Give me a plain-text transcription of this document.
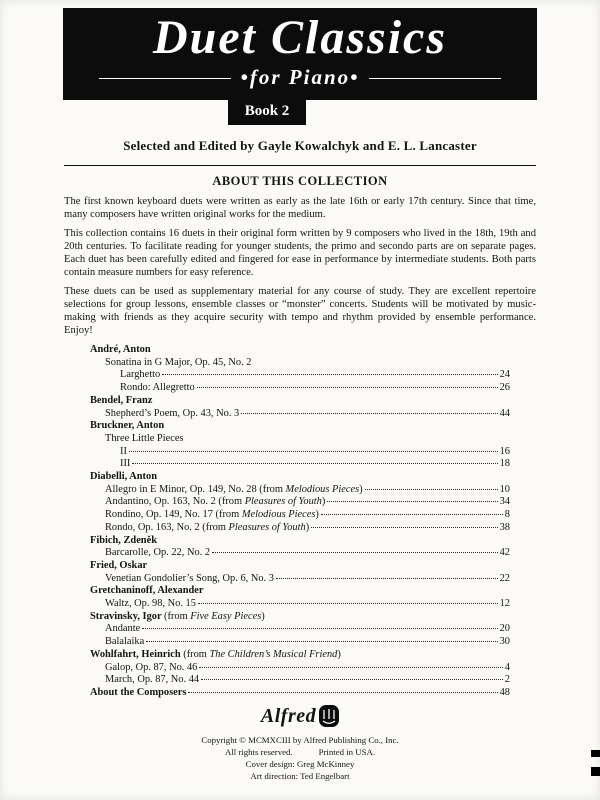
Duet Classics
•for Piano•
Book 2
Selected and Edited by Gayle Kowalchyk and E. L. Lancaster
ABOUT THIS COLLECTION

The first known keyboard duets were written as early as the late 16th or early 17th century. Since that time, many composers have written original works for the medium.

This collection contains 16 duets in their original form written by 9 composers who lived in the 18th, 19th and 20th centuries. To facilitate reading for younger students, the primo and secondo parts are on separate pages. Each duet has been carefully edited and fingered for ease in performance by intermediate students. Both parts contain measure numbers for easy reference.

These duets can be used as supplementary material for any course of study. They are excellent repertoire selections for group lessons, ensemble classes or “monster” concerts. Students will be motivated by music-making with friends as they acquire security with tempo and rhythm provided by ensemble performance. Enjoy!

André, Anton
Sonatina in G Major, Op. 45, No. 2
Larghetto	24
Rondo: Allegretto	26
Bendel, Franz
Shepherd’s Poem, Op. 43, No. 3	44
Bruckner, Anton
Three Little Pieces
II	16
III	18
Diabelli, Anton
Allegro in E Minor, Op. 149, No. 28 (from Melodious Pieces)	10
Andantino, Op. 163, No. 2 (from Pleasures of Youth)	34
Rondino, Op. 149, No. 17 (from Melodious Pieces)	8
Rondo, Op. 163, No. 2 (from Pleasures of Youth)	38
Fibich, Zdeněk
Barcarolle, Op. 22, No. 2	42
Fried, Oskar
Venetian Gondolier’s Song, Op. 6, No. 3	22
Gretchaninoff, Alexander
Waltz, Op. 98, No. 15	12
Stravinsky, Igor (from Five Easy Pieces)
Andante	20
Balalaika	30
Wohlfahrt, Heinrich (from The Children’s Musical Friend)
Galop, Op. 87, No. 46	4
March, Op. 87, No. 44	2
About the Composers	48
Alfred
Copyright © MCMXCIII by Alfred Publishing Co., Inc.
All rights reserved.	Printed in USA.
Cover design: Greg McKinney
Art direction: Ted Engelbart
